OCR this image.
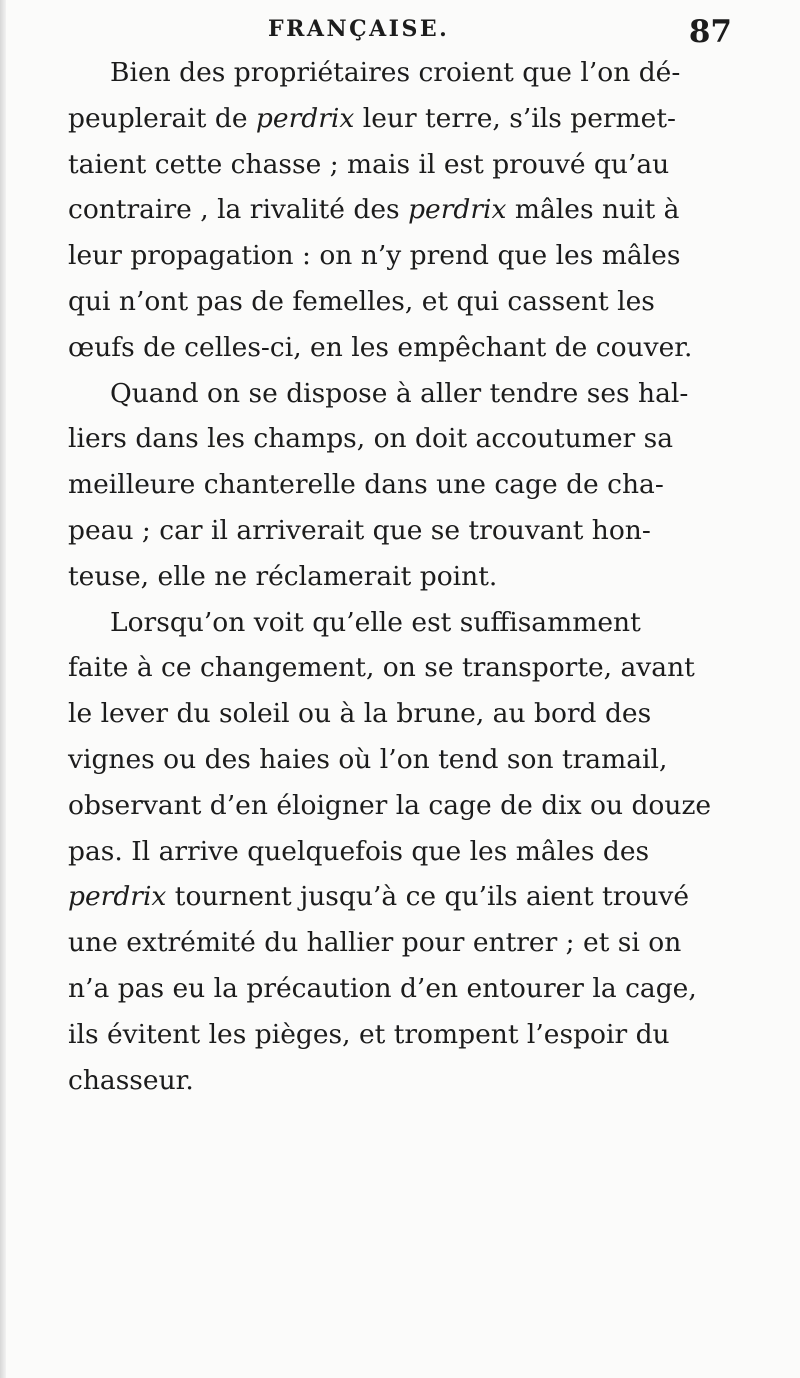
FRANÇAISE.	87
Bien des propriétaires croient que l’on dé-
peuplerait de perdrix leur terre, s’ils permet-
taient cette chasse ; mais il est prouvé qu’au
contraire , la rivalité des perdrix mâles nuit à
leur propagation : on n’y prend que les mâles
qui n’ont pas de femelles, et qui cassent les
œufs de celles-ci, en les empêchant de couver.
Quand on se dispose à aller tendre ses hal-
liers dans les champs, on doit accoutumer sa
meilleure chanterelle dans une cage de cha-
peau ; car il arriverait que se trouvant hon-
teuse, elle ne réclamerait point.
Lorsqu’on voit qu’elle est suffisamment
faite à ce changement, on se transporte, avant
le lever du soleil ou à la brune, au bord des
vignes ou des haies où l’on tend son tramail,
observant d’en éloigner la cage de dix ou douze
pas. Il arrive quelquefois que les mâles des
perdrix tournent jusqu’à ce qu’ils aient trouvé
une extrémité du hallier pour entrer ; et si on
n’a pas eu la précaution d’en entourer la cage,
ils évitent les pièges, et trompent l’espoir du
chasseur.
